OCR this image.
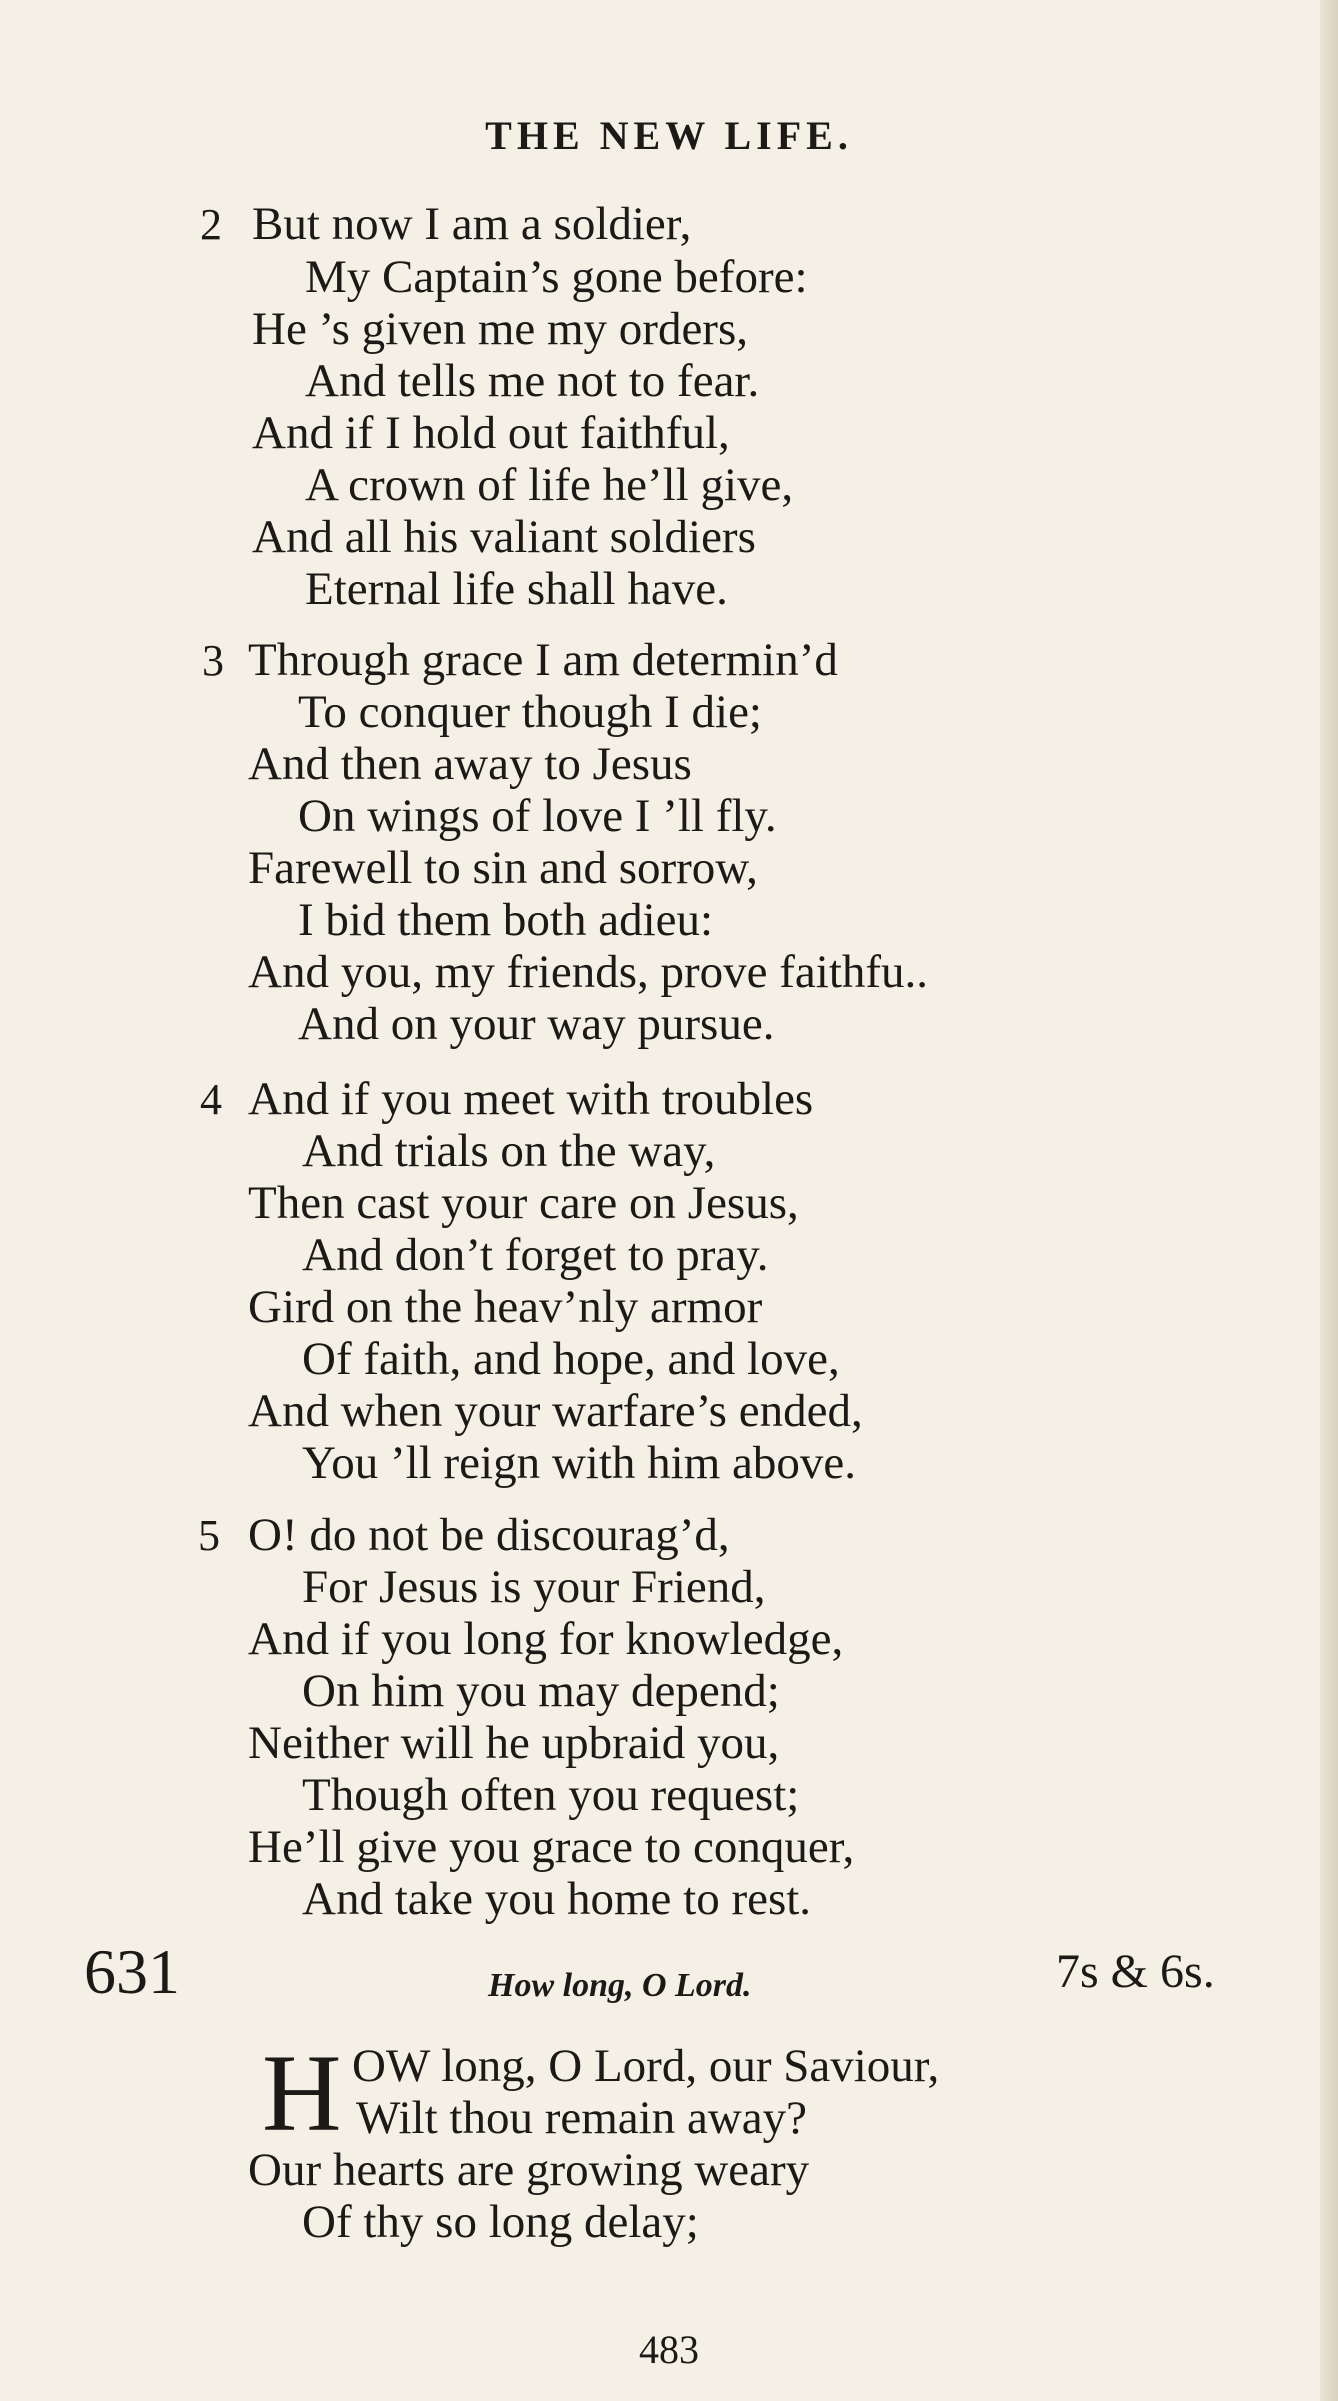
THE NEW LIFE.
2 But now I am a soldier,
My Captain’s gone before:
He ’s given me my orders,
And tells me not to fear.
And if I hold out faithful,
A crown of life he’ll give,
And all his valiant soldiers
Eternal life shall have.
3 Through grace I am determin’d
To conquer though I die;
And then away to Jesus
On wings of love I ’ll fly.
Farewell to sin and sorrow,
I bid them both adieu:
And you, my friends, prove faithfu..
And on your way pursue.
4 And if you meet with troubles
And trials on the way,
Then cast your care on Jesus,
And don’t forget to pray.
Gird on the heav’nly armor
Of faith, and hope, and love,
And when your warfare’s ended,
You ’ll reign with him above.
5 O! do not be discourag’d,
For Jesus is your Friend,
And if you long for knowledge,
On him you may depend;
Neither will he upbraid you,
Though often you request;
He’ll give you grace to conquer,
And take you home to rest.
631	How long, O Lord.	7s & 6s.
H OW long, O Lord, our Saviour,
Wilt thou remain away?
Our hearts are growing weary
Of thy so long delay;
483
